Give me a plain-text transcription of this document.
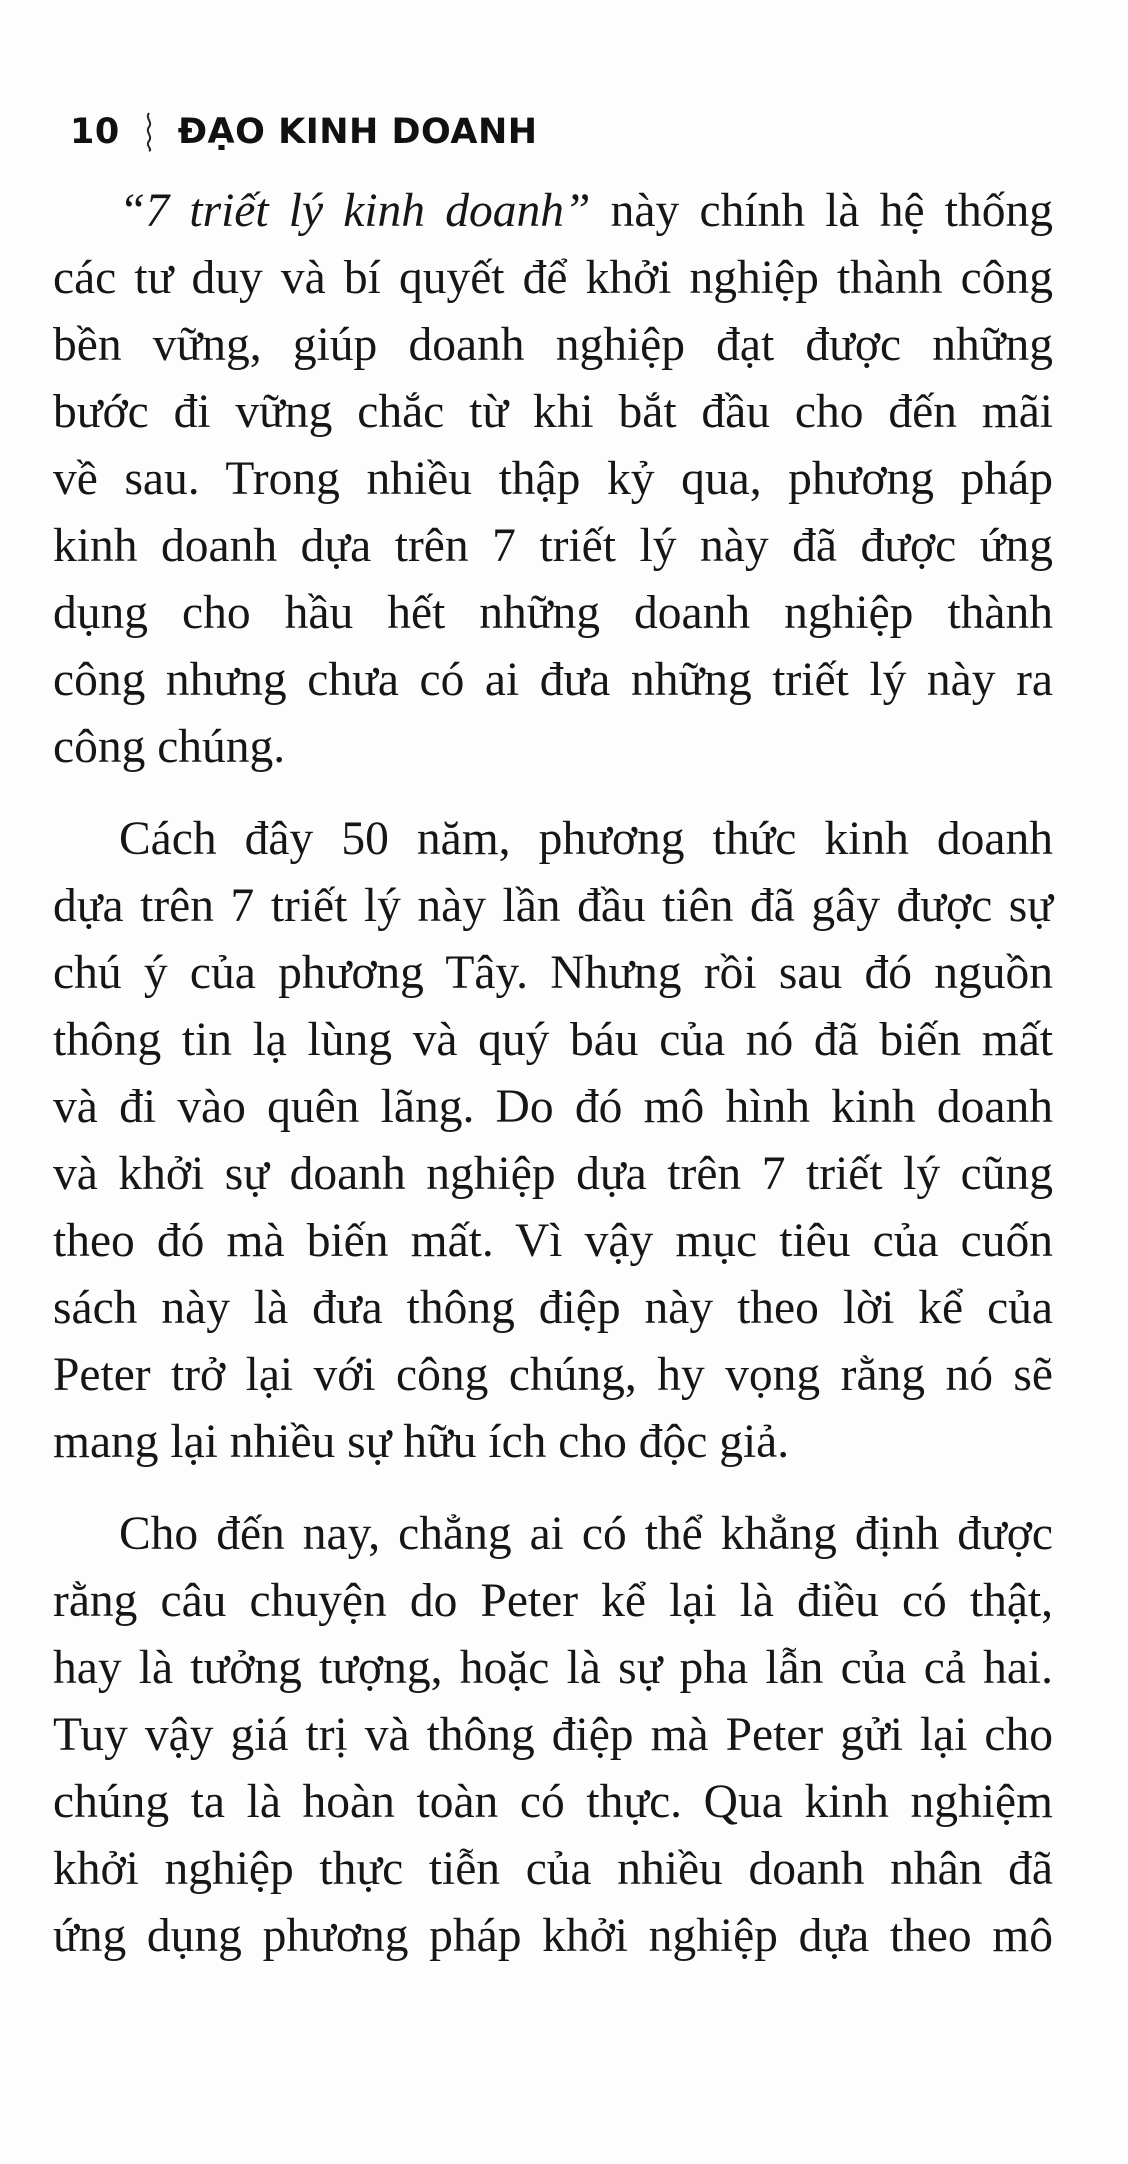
10 ĐẠO KINH DOANH
“7 triết lý kinh doanh” này chính là hệ thống
các tư duy và bí quyết để khởi nghiệp thành công
bền vững, giúp doanh nghiệp đạt được những
bước đi vững chắc từ khi bắt đầu cho đến mãi
về sau. Trong nhiều thập kỷ qua, phương pháp
kinh doanh dựa trên 7 triết lý này đã được ứng
dụng cho hầu hết những doanh nghiệp thành
công nhưng chưa có ai đưa những triết lý này ra
công chúng.
Cách đây 50 năm, phương thức kinh doanh
dựa trên 7 triết lý này lần đầu tiên đã gây được sự
chú ý của phương Tây. Nhưng rồi sau đó nguồn
thông tin lạ lùng và quý báu của nó đã biến mất
và đi vào quên lãng. Do đó mô hình kinh doanh
và khởi sự doanh nghiệp dựa trên 7 triết lý cũng
theo đó mà biến mất. Vì vậy mục tiêu của cuốn
sách này là đưa thông điệp này theo lời kể của
Peter trở lại với công chúng, hy vọng rằng nó sẽ
mang lại nhiều sự hữu ích cho độc giả.
Cho đến nay, chẳng ai có thể khẳng định được
rằng câu chuyện do Peter kể lại là điều có thật,
hay là tưởng tượng, hoặc là sự pha lẫn của cả hai.
Tuy vậy giá trị và thông điệp mà Peter gửi lại cho
chúng ta là hoàn toàn có thực. Qua kinh nghiệm
khởi nghiệp thực tiễn của nhiều doanh nhân đã
ứng dụng phương pháp khởi nghiệp dựa theo mô
